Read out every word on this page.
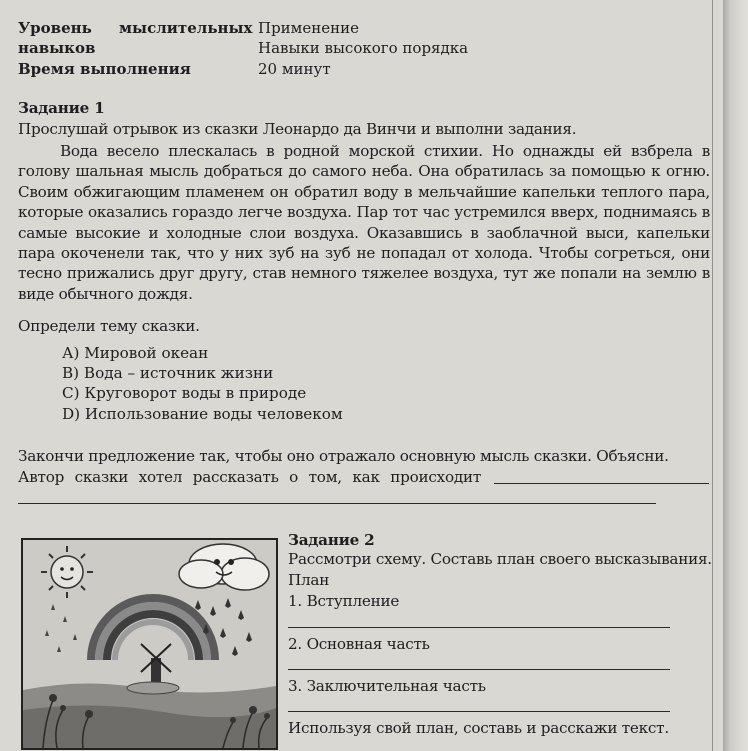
Уровень мыслительных
навыков
Применение
Навыки высокого порядка
Время выполнения	20 минут
Задание 1
Прослушай отрывок из сказки Леонардо да Винчи и выполни задания.
Вода весело плескалась в родной морской стихии. Но однажды ей взбрела в голову шальная мысль добраться до самого неба. Она обратилась за помощью к огню. Своим обжигающим пламенем он обратил воду в мельчайшие капельки теплого пара, которые оказались гораздо легче воздуха. Пар тот час устремился вверх, поднимаясь в самые высокие и холодные слои воздуха. Оказавшись в заоблачной выси, капельки пара окоченели так, что у них зуб на зуб не попадал от холода. Чтобы согреться, они тесно прижались друг другу, став немного тяжелее воздуха, тут же попали на землю в виде обычного дождя.
Определи тему сказки.
А) Мировой океан
В) Вода – источник жизни
С) Круговорот воды в природе
D) Использование воды человеком
Закончи предложение так, чтобы оно отражало основную мысль сказки. Объясни.
Автор сказки хотел рассказать о том, как происходит
Задание 2
Рассмотри схему. Составь план своего высказывания.
План
1. Вступление
2. Основная часть
3. Заключительная часть
Используя свой план, составь и расскажи текст.
